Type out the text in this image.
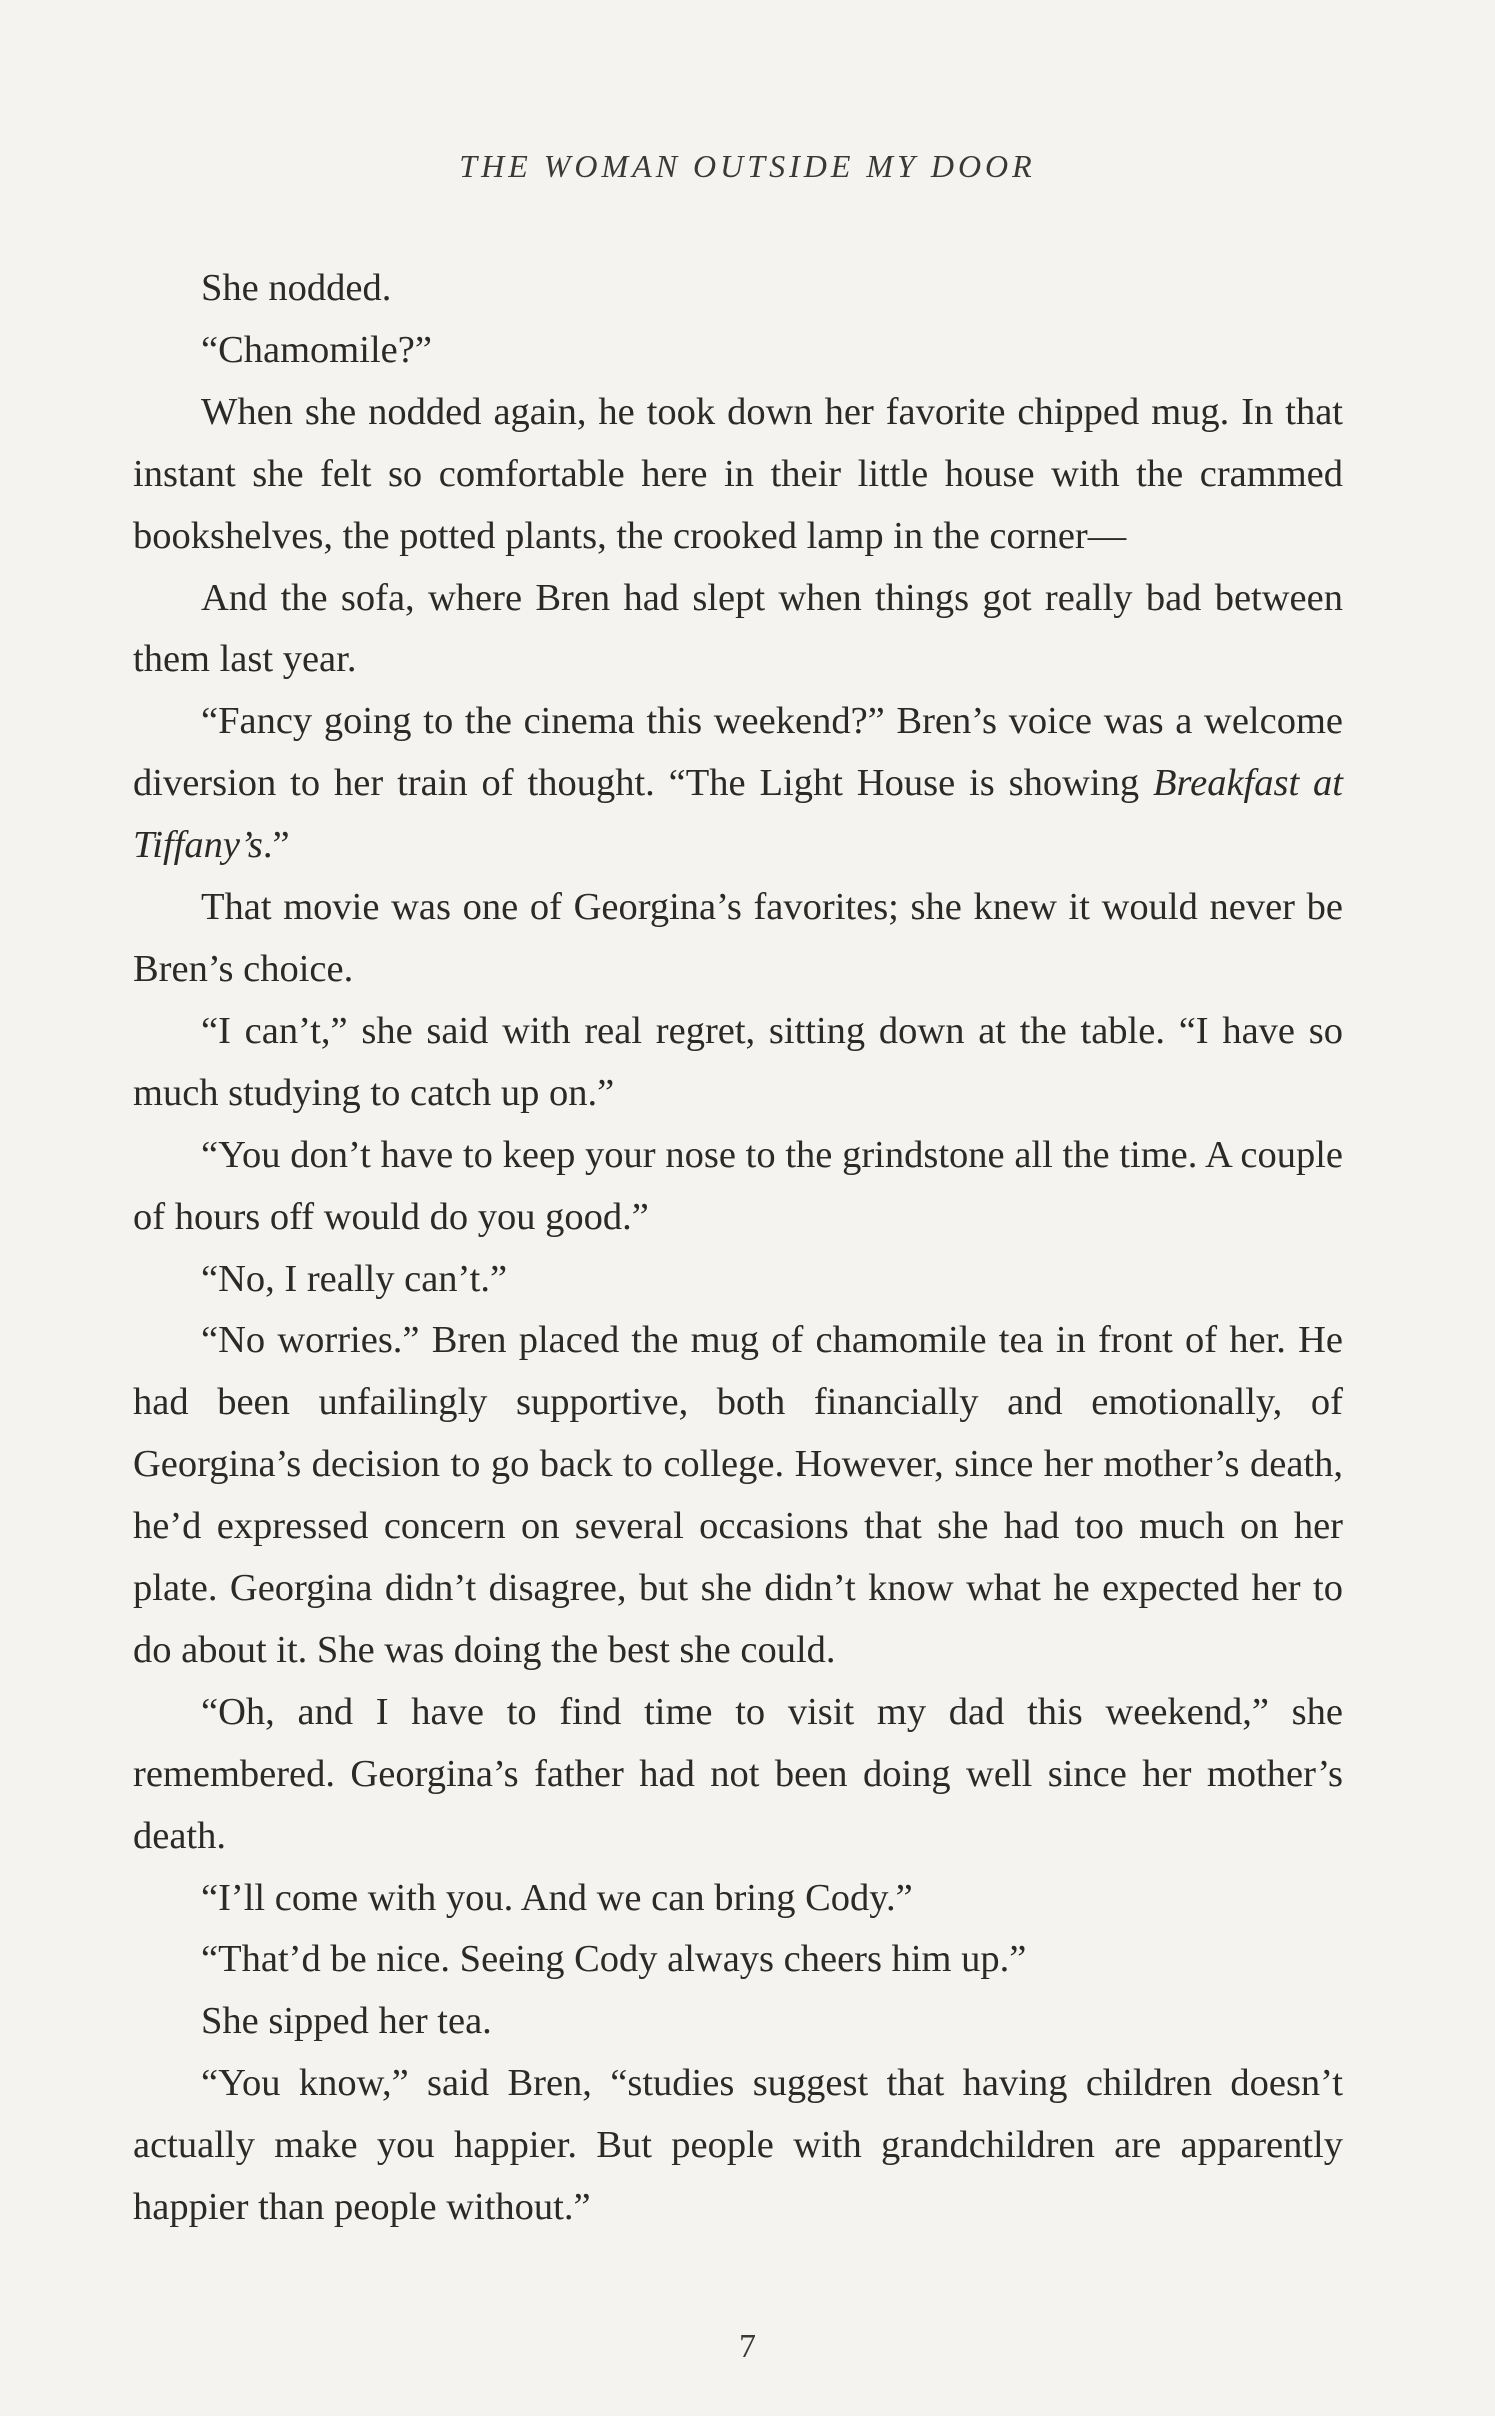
THE WOMAN OUTSIDE MY DOOR

She nodded.

“Chamomile?”

When she nodded again, he took down her favorite chipped mug. In that instant she felt so comfortable here in their little house with the crammed bookshelves, the potted plants, the crooked lamp in the corner—

And the sofa, where Bren had slept when things got really bad between them last year.

“Fancy going to the cinema this weekend?” Bren’s voice was a welcome diversion to her train of thought. “The Light House is showing Breakfast at Tiffany’s.”

That movie was one of Georgina’s favorites; she knew it would never be Bren’s choice.

“I can’t,” she said with real regret, sitting down at the table. “I have so much studying to catch up on.”

“You don’t have to keep your nose to the grindstone all the time. A couple of hours off would do you good.”

“No, I really can’t.”

“No worries.” Bren placed the mug of chamomile tea in front of her. He had been unfailingly supportive, both financially and emotionally, of Georgina’s decision to go back to college. However, since her mother’s death, he’d expressed concern on several occasions that she had too much on her plate. Georgina didn’t disagree, but she didn’t know what he expected her to do about it. She was doing the best she could.

“Oh, and I have to find time to visit my dad this weekend,” she remembered. Georgina’s father had not been doing well since her mother’s death.

“I’ll come with you. And we can bring Cody.”

“That’d be nice. Seeing Cody always cheers him up.”

She sipped her tea.

“You know,” said Bren, “studies suggest that having children doesn’t actually make you happier. But people with grandchildren are apparently happier than people without.”

7
